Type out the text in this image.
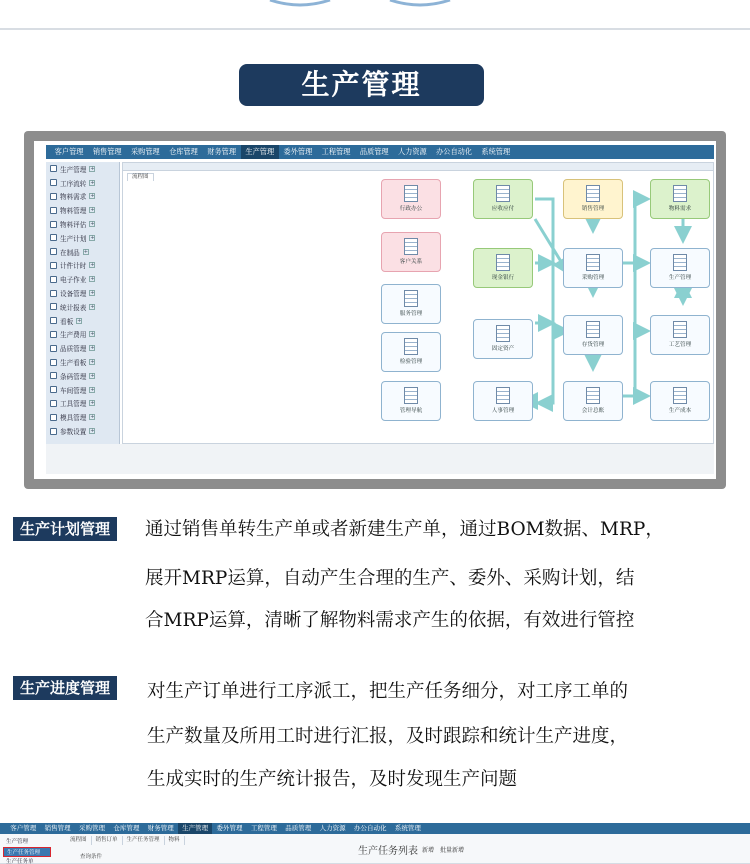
生产管理
客户管理	销售管理	采购管理	仓库管理	财务管理	生产管理	委外管理	工程管理	品质管理	人力资源	办公自动化	系统管理
生产管理 +
工序流转 +
物料需求 +
物料管理 +
物料评估 +
生产计划 +
在制品 +
计件计时 +
电子作业 +
设备管理 +
统计报表 +
看板 +
生产费用 +
品质管理 +
生产看板 +
条码管理 +
车间管理 +
工具管理 +
模具管理 +
参数设置 +
流程图
行政办公
客户关系
服务管理
检验管理
管理导航
应收应付
现金银行
固定资产
人事管理
销售管理
采购管理
存货管理
会计总账
物料需求
生产管理
工艺管理
生产成本
生产计划管理	通过销售单转生产单或者新建生产单，通过BOM数据、MRP，
展开MRP运算，自动产生合理的生产、委外、采购计划，结
合MRP运算，清晰了解物料需求产生的依据，有效进行管控
生产进度管理	对生产订单进行工序派工，把生产任务细分，对工序工单的
生产数量及所用工时进行汇报，及时跟踪和统计生产进度，
生成实时的生产统计报告，及时发现生产问题
客户管理	销售管理	采购管理	仓库管理	财务管理	生产管理	委外管理	工程管理	品质管理	人力资源	办公自动化	系统管理
生产管理
生产任务管理
生产任务单
流程图	销售订单	生产任务管理	物料
查询条件	生产任务列表 新增 批量新增
